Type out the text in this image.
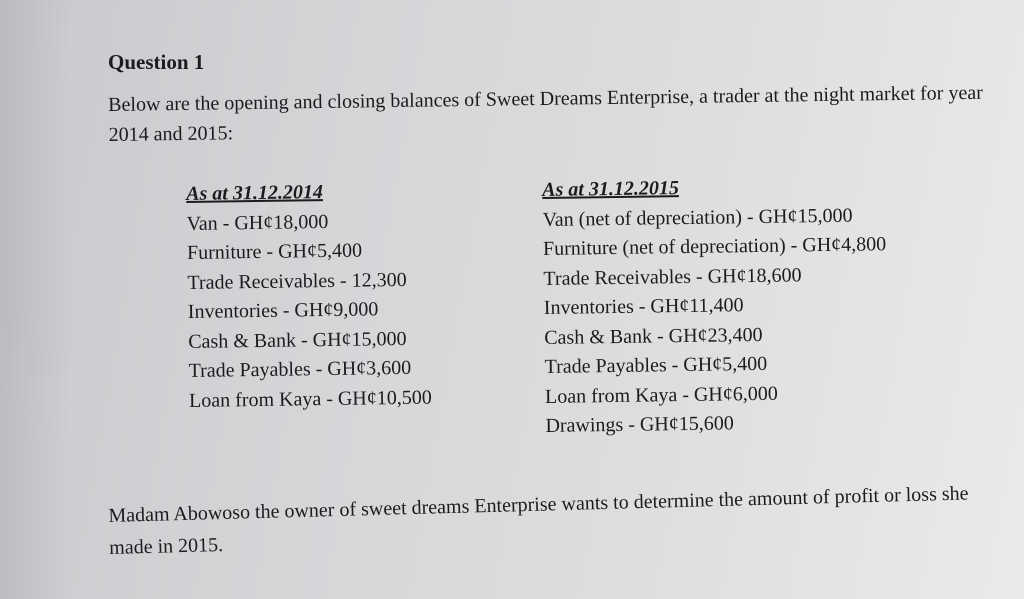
Question 1

Below are the opening and closing balances of Sweet Dreams Enterprise, a trader at the night market for year 2014 and 2015:

As at 31.12.2014
Van - GH¢18,000
Furniture - GH¢5,400
Trade Receivables - 12,300
Inventories - GH¢9,000
Cash & Bank - GH¢15,000
Trade Payables - GH¢3,600
Loan from Kaya - GH¢10,500
As at 31.12.2015
Van (net of depreciation) - GH¢15,000
Furniture (net of depreciation) - GH¢4,800
Trade Receivables - GH¢18,600
Inventories - GH¢11,400
Cash & Bank - GH¢23,400
Trade Payables - GH¢5,400
Loan from Kaya - GH¢6,000
Drawings - GH¢15,600

Madam Abowoso the owner of sweet dreams Enterprise wants to determine the amount of profit or loss she made in 2015.
